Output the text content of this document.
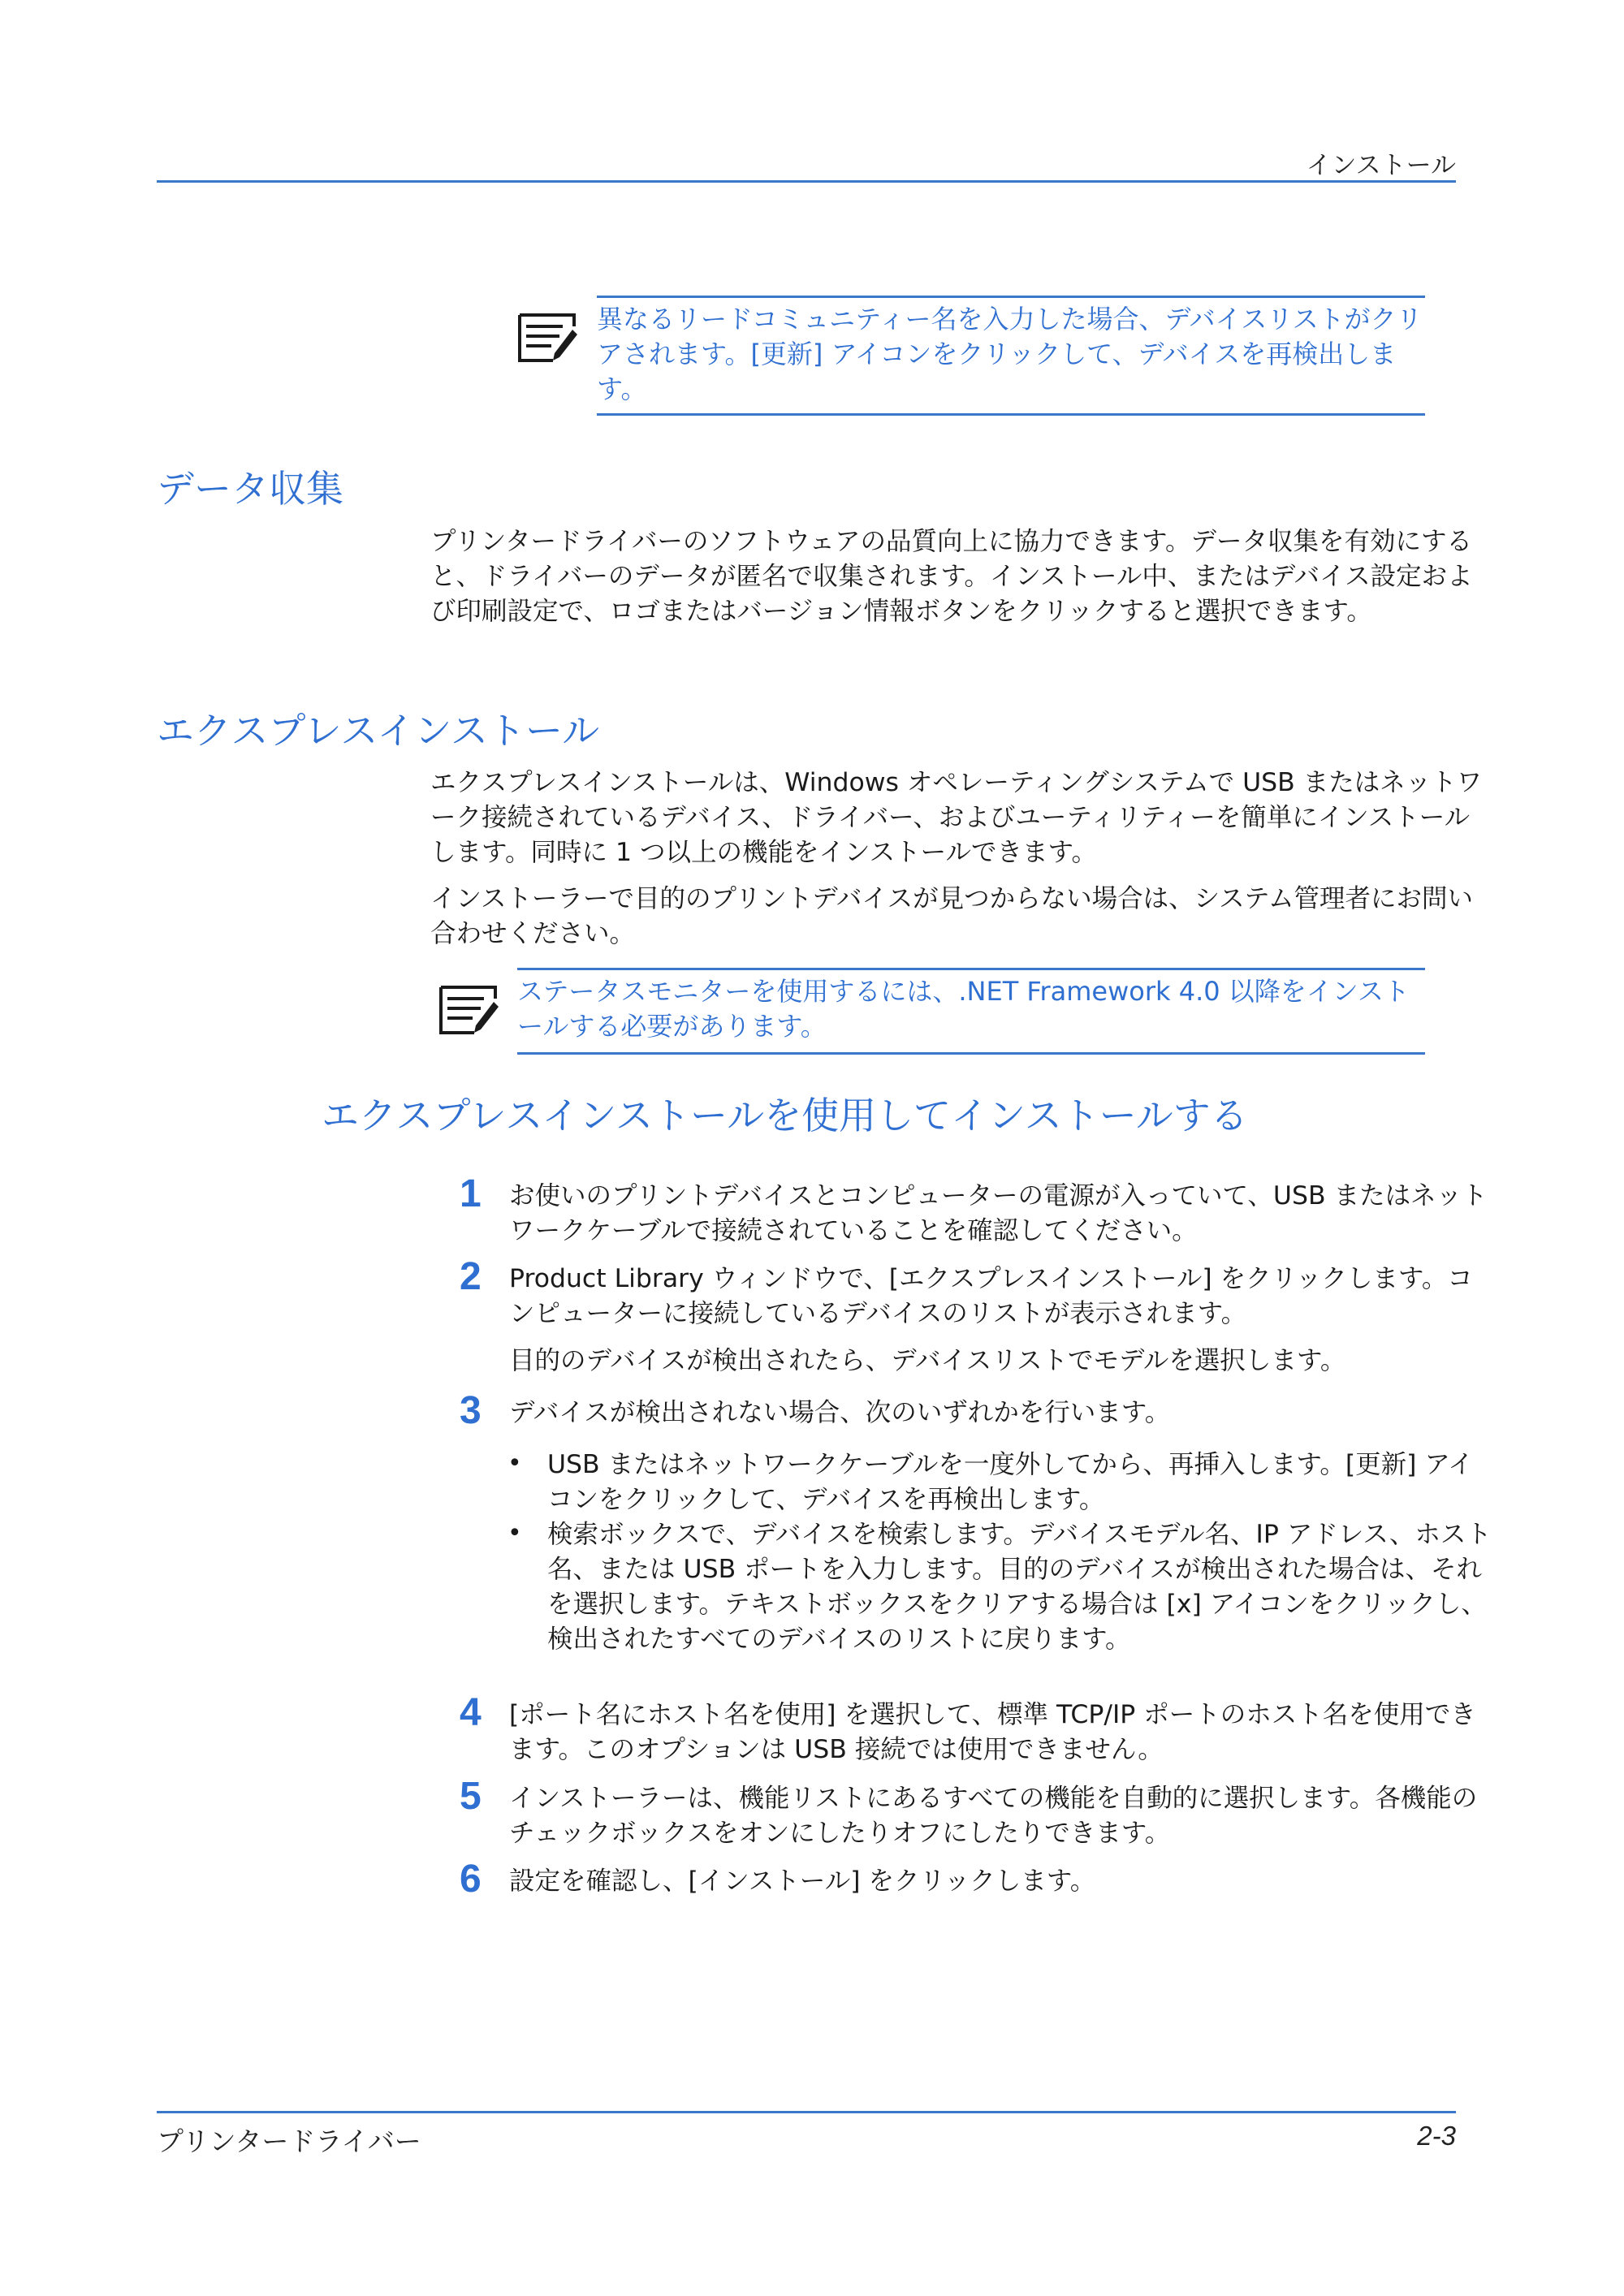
インストール
異なるリードコミュニティー名を入力した場合、デバイスリストがクリアされます。[更新] アイコンをクリックして、デバイスを再検出します。
データ収集
プリンタードライバーのソフトウェアの品質向上に協力できます。データ収集を有効にすると、ドライバーのデータが匿名で収集されます。インストール中、またはデバイス設定および印刷設定で、ロゴまたはバージョン情報ボタンをクリックすると選択できます。
エクスプレスインストール
エクスプレスインストールは、Windows オペレーティングシステムで USB またはネットワーク接続されているデバイス、ドライバー、およびユーティリティーを簡単にインストールします。同時に 1 つ以上の機能をインストールできます。
インストーラーで目的のプリントデバイスが見つからない場合は、システム管理者にお問い合わせください。
ステータスモニターを使用するには、.NET Framework 4.0 以降をインストールする必要があります。
エクスプレスインストールを使用してインストールする
1 お使いのプリントデバイスとコンピューターの電源が入っていて、USB またはネットワークケーブルで接続されていることを確認してください。
2 Product Library ウィンドウで、[エクスプレスインストール] をクリックします。コンピューターに接続しているデバイスのリストが表示されます。
目的のデバイスが検出されたら、デバイスリストでモデルを選択します。
3 デバイスが検出されない場合、次のいずれかを行います。
• USB またはネットワークケーブルを一度外してから、再挿入します。[更新] アイコンをクリックして、デバイスを再検出します。
• 検索ボックスで、デバイスを検索します。デバイスモデル名、IP アドレス、ホスト名、または USB ポートを入力します。目的のデバイスが検出された場合は、それを選択します。テキストボックスをクリアする場合は [x] アイコンをクリックし、検出されたすべてのデバイスのリストに戻ります。
4 [ポート名にホスト名を使用] を選択して、標準 TCP/IP ポートのホスト名を使用できます。このオプションは USB 接続では使用できません。
5 インストーラーは、機能リストにあるすべての機能を自動的に選択します。各機能のチェックボックスをオンにしたりオフにしたりできます。
6 設定を確認し、[インストール] をクリックします。
プリンタードライバー	2-3
